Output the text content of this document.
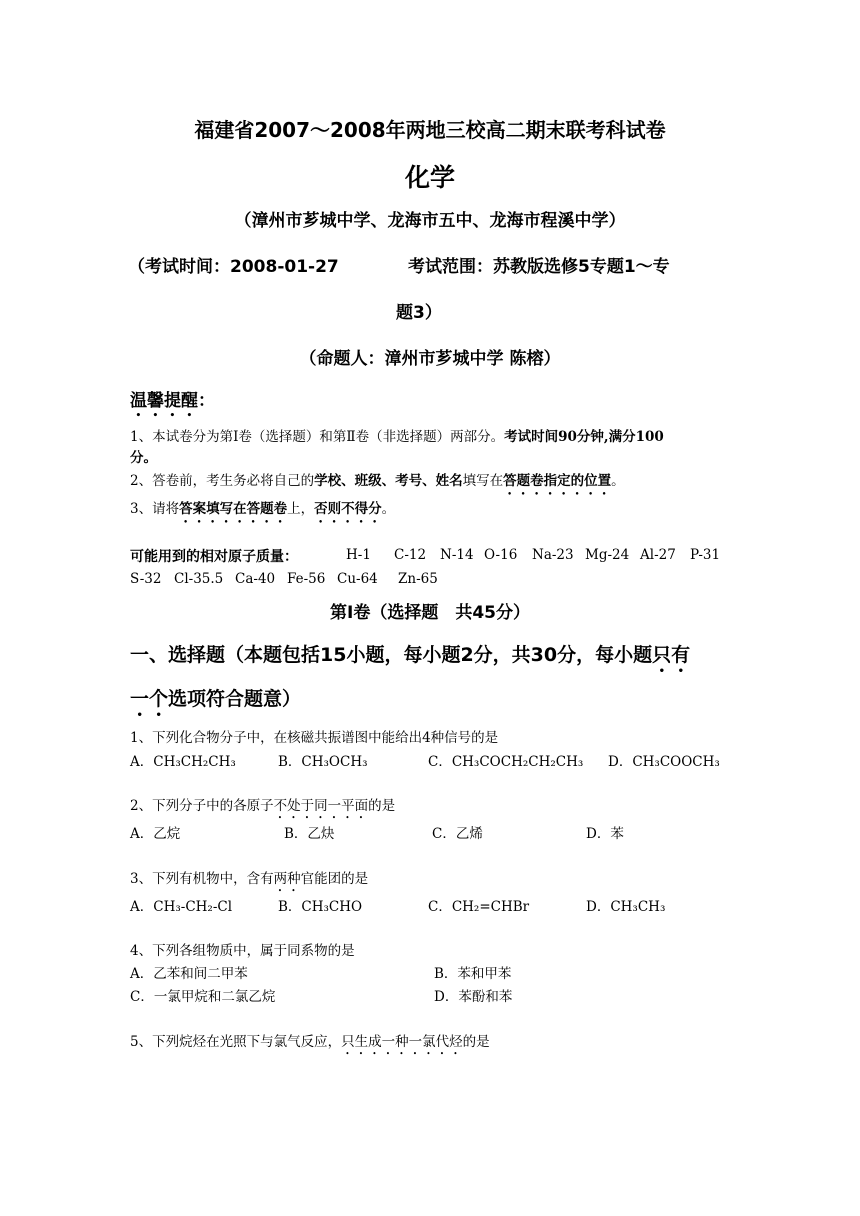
福建省2007～2008年两地三校高二期末联考科试卷
化学
（漳州市芗城中学、龙海市五中、龙海市程溪中学）
（考试时间：2008-01-27	考试范围：苏教版选修5专题1～专
题3）
（命题人：漳州市芗城中学 陈榕）
温馨提醒：
1、本试卷分为第Ⅰ卷（选择题）和第Ⅱ卷（非选择题）两部分。考试时间90分钟,满分100
分。
2、答卷前，考生务必将自己的学校、班级、考号、姓名填写在答题卷指定的位置。
3、请将答案填写在答题卷上，否则不得分。
可能用到的相对原子质量：	H-1 C-12 N-14 O-16 Na-23 Mg-24 Al-27 P-31
S-32 Cl-35.5 Ca-40 Fe-56 Cu-64 Zn-65
第Ⅰ卷（选择题　共45分）
一、选择题（本题包括15小题，每小题2分，共30分，每小题只有
一个选项符合题意）
1、下列化合物分子中，在核磁共振谱图中能给出4种信号的是
A．CH₃CH₂CH₃	B．CH₃OCH₃	C．CH₃COCH₂CH₂CH₃ D．CH₃COOCH₃
2、下列分子中的各原子不处于同一平面的是
A．乙烷	B．乙炔	C．乙烯	D．苯
3、下列有机物中，含有两种官能团的是
A．CH₃-CH₂-Cl	B．CH₃CHO	C．CH₂=CHBr	D．CH₃CH₃
4、下列各组物质中，属于同系物的是
A．乙苯和间二甲苯	B．苯和甲苯
C．一氯甲烷和二氯乙烷	D．苯酚和苯
5、下列烷烃在光照下与氯气反应，只生成一种一氯代烃的是
